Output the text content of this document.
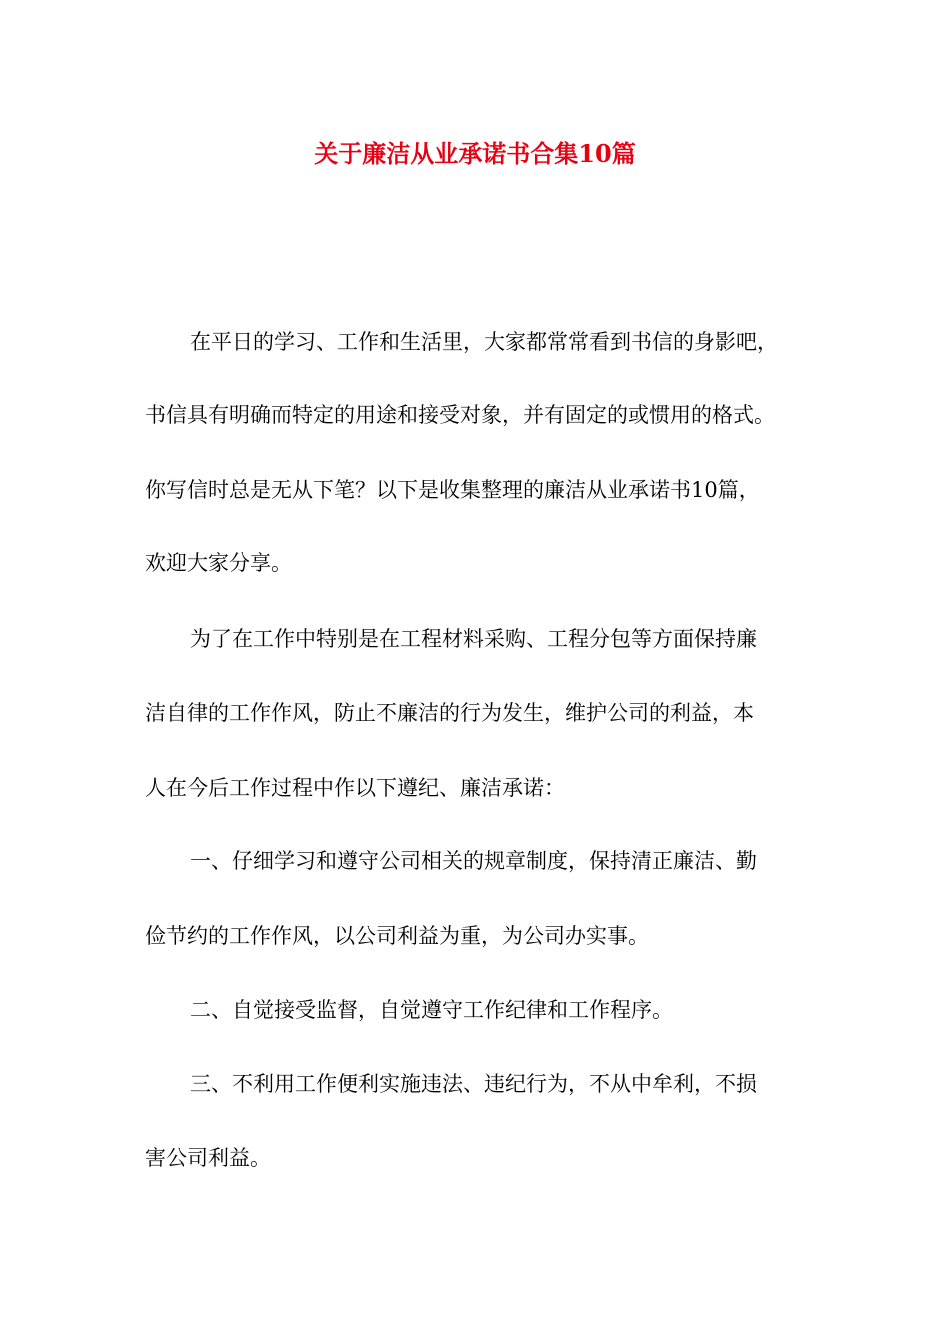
关于廉洁从业承诺书合集10篇
在平日的学习、工作和生活里，大家都常常看到书信的身影吧，
书信具有明确而特定的用途和接受对象，并有固定的或惯用的格式。
你写信时总是无从下笔？以下是收集整理的廉洁从业承诺书10篇，
欢迎大家分享。
为了在工作中特别是在工程材料采购、工程分包等方面保持廉
洁自律的工作作风，防止不廉洁的行为发生，维护公司的利益，本
人在今后工作过程中作以下遵纪、廉洁承诺：
一、仔细学习和遵守公司相关的规章制度，保持清正廉洁、勤
俭节约的工作作风，以公司利益为重，为公司办实事。
二、自觉接受监督，自觉遵守工作纪律和工作程序。
三、不利用工作便利实施违法、违纪行为，不从中牟利，不损
害公司利益。
